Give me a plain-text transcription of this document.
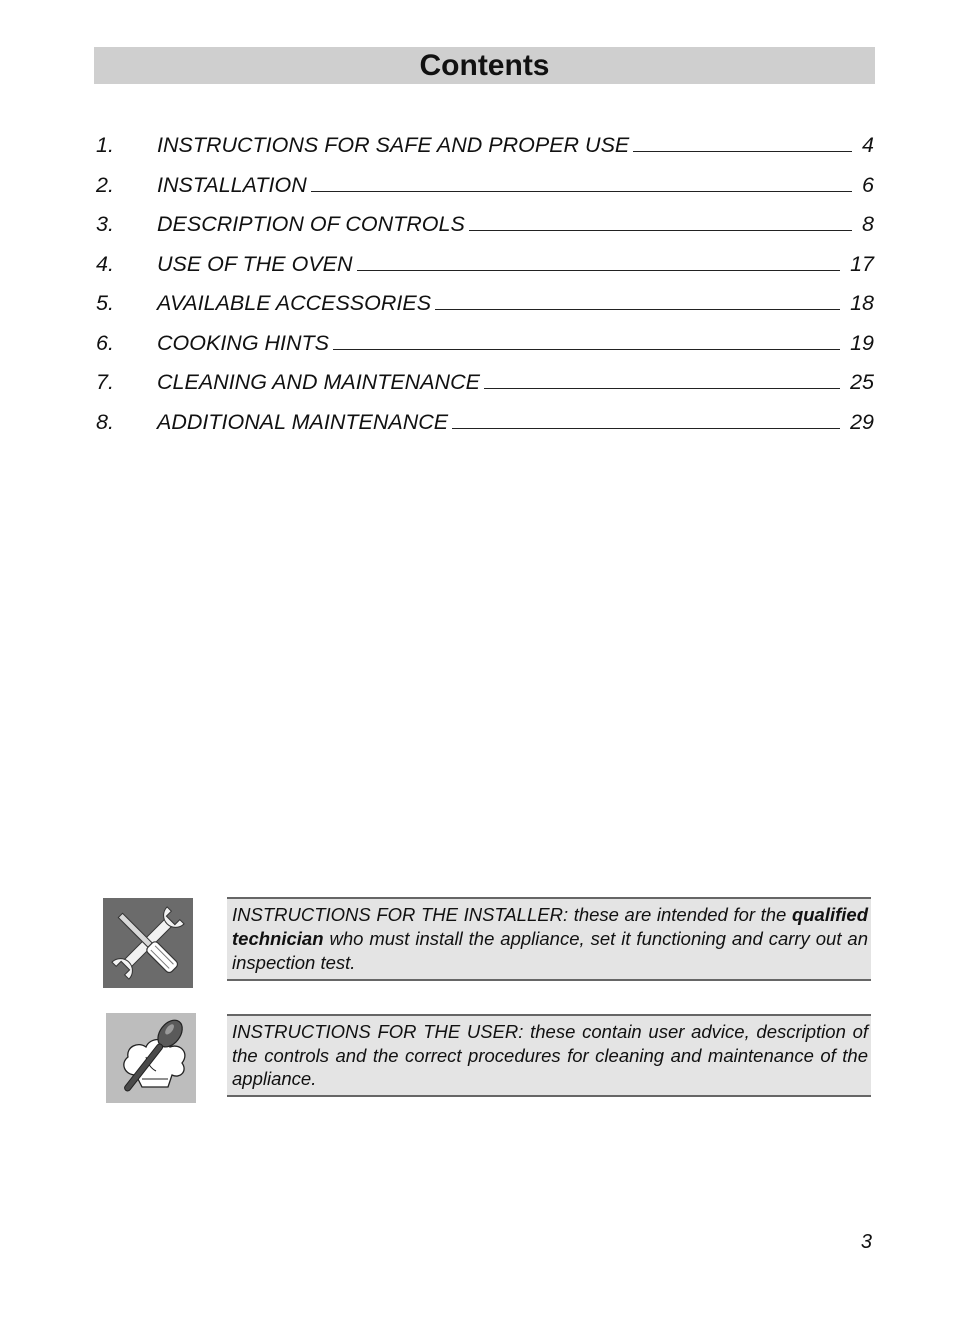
Contents
1.	INSTRUCTIONS FOR SAFE AND PROPER USE	4
2.	INSTALLATION	6
3.	DESCRIPTION OF CONTROLS	8
4.	USE OF THE OVEN	17
5.	AVAILABLE ACCESSORIES	18
6.	COOKING HINTS	19
7.	CLEANING AND MAINTENANCE	25
8.	ADDITIONAL MAINTENANCE	29
INSTRUCTIONS FOR THE INSTALLER: these are intended for the qualified technician who must install the appliance, set it functioning and carry out an inspection test.
INSTRUCTIONS FOR THE USER: these contain user advice, description of the controls and the correct procedures for cleaning and maintenance of the appliance.
3
